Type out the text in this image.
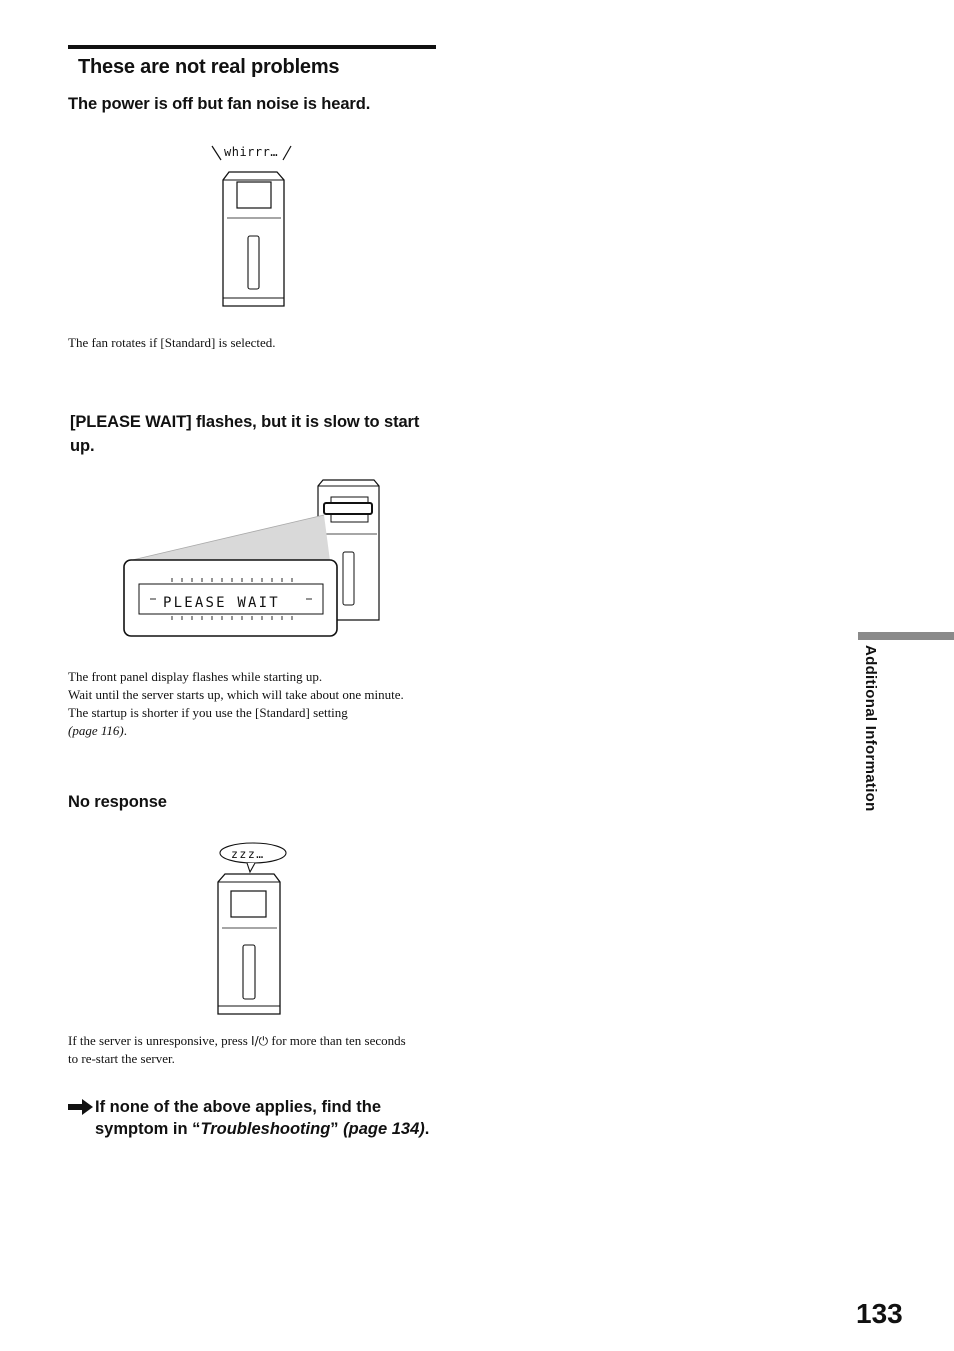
These are not real problems
The power is off but fan noise is heard.
whirrr…
The fan rotates if [Standard] is selected.
[PLEASE WAIT] flashes, but it is slow to start
up.
PLEASE WAIT
The front panel display flashes while starting up.
Wait until the server starts up, which will take about one minute.
The startup is shorter if you use the [Standard] setting
(page 116).
No response
zzz…
If the server is unresponsive, press I/⏻ for more than ten seconds
to re-start the server.
If none of the above applies, find the
symptom in “Troubleshooting” (page 134).
Additional Information
133
